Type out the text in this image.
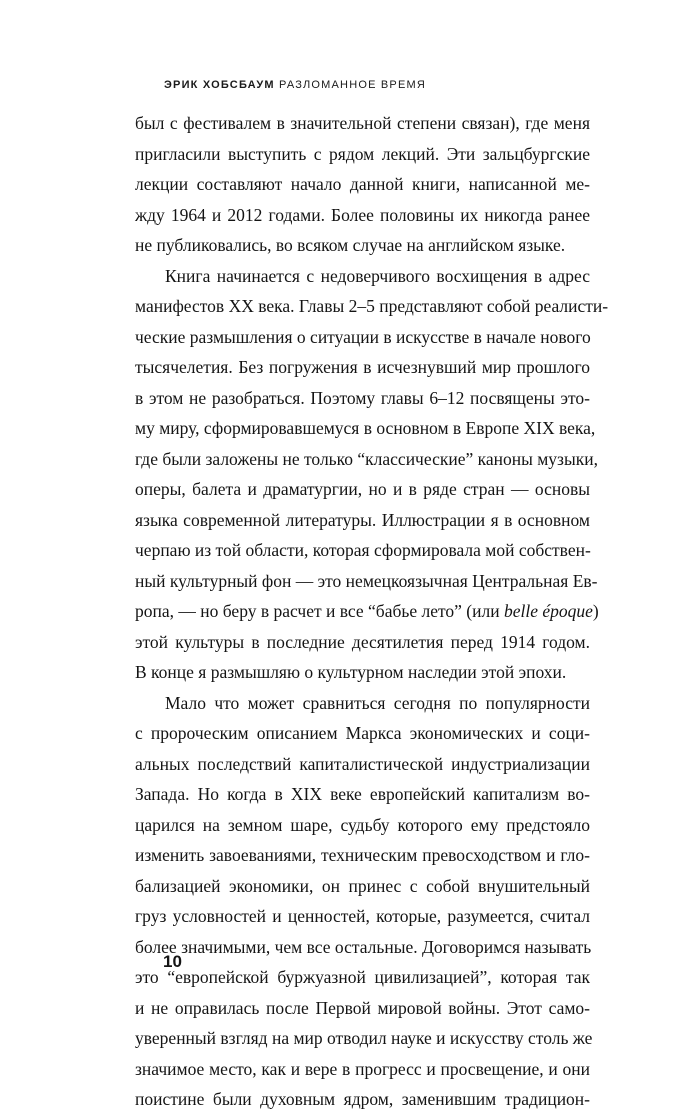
ЭРИК ХОБСБАУМ РАЗЛОМАННОЕ ВРЕМЯ
был с фестивалем в значительной степени связан), где меня
пригласили выступить с рядом лекций. Эти зальцбургские
лекции составляют начало данной книги, написанной ме-
жду 1964 и 2012 годами. Более половины их никогда ранее
не публиковались, во всяком случае на английском языке.
Книга начинается с недоверчивого восхищения в адрес
манифестов XX века. Главы 2–5 представляют собой реалисти-
ческие размышления о ситуации в искусстве в начале нового
тысячелетия. Без погружения в исчезнувший мир прошлого
в этом не разобраться. Поэтому главы 6–12 посвящены это-
му миру, сформировавшемуся в основном в Европе XIX века,
где были заложены не только “классические” каноны музыки,
оперы, балета и драматургии, но и в ряде стран — основы
языка современной литературы. Иллюстрации я в основном
черпаю из той области, которая сформировала мой собствен-
ный культурный фон — это немецкоязычная Центральная Ев-
ропа, — но беру в расчет и все “бабье лето” (или belle époque)
этой культуры в последние десятилетия перед 1914 годом.
В конце я размышляю о культурном наследии этой эпохи.
Мало что может сравниться сегодня по популярности
с пророческим описанием Маркса экономических и соци-
альных последствий капиталистической индустриализации
Запада. Но когда в XIX веке европейский капитализм во-
царился на земном шаре, судьбу которого ему предстояло
изменить завоеваниями, техническим превосходством и гло-
бализацией экономики, он принес с собой внушительный
груз условностей и ценностей, которые, разумеется, считал
более значимыми, чем все остальные. Договоримся называть
это “европейской буржуазной цивилизацией”, которая так
и не оправилась после Первой мировой войны. Этот само-
уверенный взгляд на мир отводил науке и искусству столь же
значимое место, как и вере в прогресс и просвещение, и они
поистине были духовным ядром, заменившим традицион-
10
